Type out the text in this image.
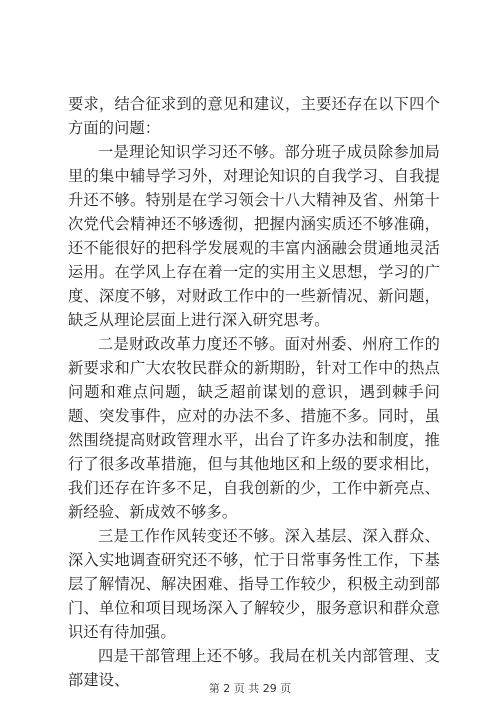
要求，结合征求到的意见和建议，主要还存在以下四个方面的问题：

一是理论知识学习还不够。部分班子成员除参加局里的集中辅导学习外，对理论知识的自我学习、自我提升还不够。特别是在学习领会十八大精神及省、州第十次党代会精神还不够透彻，把握内涵实质还不够准确，还不能很好的把科学发展观的丰富内涵融会贯通地灵活运用。在学风上存在着一定的实用主义思想，学习的广度、深度不够，对财政工作中的一些新情况、新问题，缺乏从理论层面上进行深入研究思考。

二是财政改革力度还不够。面对州委、州府工作的新要求和广大农牧民群众的新期盼，针对工作中的热点问题和难点问题，缺乏超前谋划的意识，遇到棘手问题、突发事件，应对的办法不多、措施不多。同时，虽然围绕提高财政管理水平，出台了许多办法和制度，推行了很多改革措施，但与其他地区和上级的要求相比，我们还存在许多不足，自我创新的少，工作中新亮点、新经验、新成效不够多。

三是工作作风转变还不够。深入基层、深入群众、深入实地调查研究还不够，忙于日常事务性工作，下基层了解情况、解决困难、指导工作较少，积极主动到部门、单位和项目现场深入了解较少，服务意识和群众意识还有待加强。

四是干部管理上还不够。我局在机关内部管理、支部建设、	第 2 页 共 29 页
